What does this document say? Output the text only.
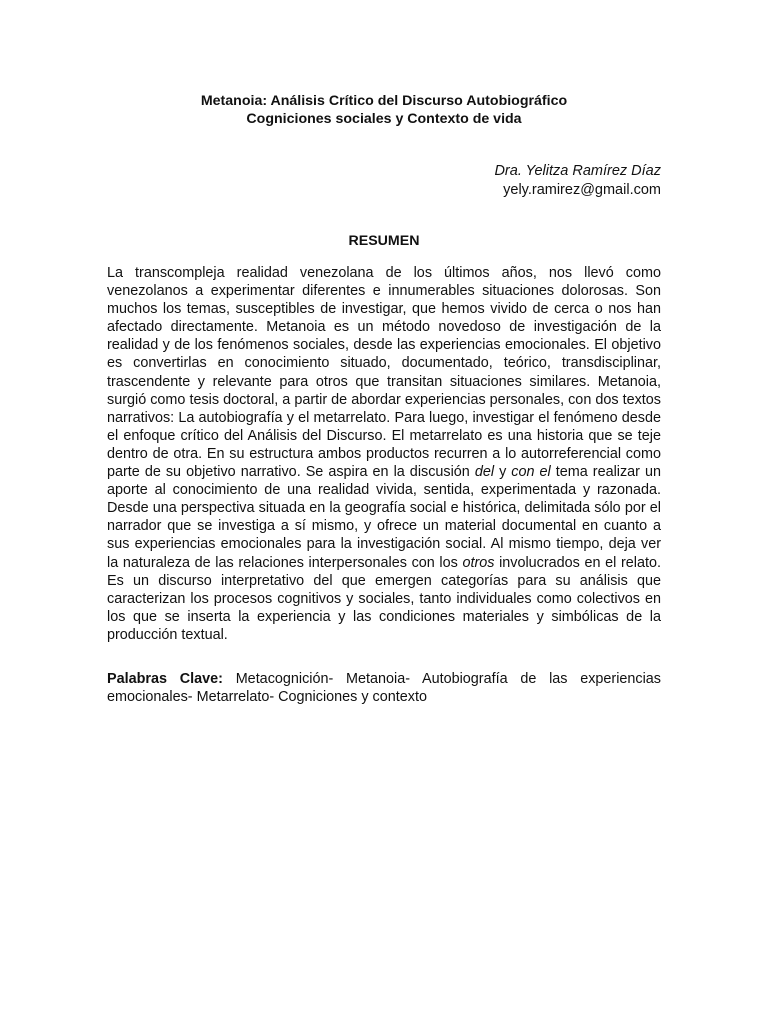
Metanoia: Análisis Crítico del Discurso Autobiográfico
Cogniciones sociales y Contexto de vida
Dra. Yelitza Ramírez Díaz
yely.ramirez@gmail.com
RESUMEN

La transcompleja realidad venezolana de los últimos años, nos llevó como venezolanos a experimentar diferentes e innumerables situaciones dolorosas. Son muchos los temas, susceptibles de investigar, que hemos vivido de cerca o nos han afectado directamente. Metanoia es un método novedoso de investigación de la realidad y de los fenómenos sociales, desde las experiencias emocionales. El objetivo es convertirlas en conocimiento situado, documentado, teórico, transdisciplinar, trascendente y relevante para otros que transitan situaciones similares. Metanoia, surgió como tesis doctoral, a partir de abordar experiencias personales, con dos textos narrativos: La autobiografía y el metarrelato. Para luego, investigar el fenómeno desde el enfoque crítico del Análisis del Discurso. El metarrelato es una historia que se teje dentro de otra. En su estructura ambos productos recurren a lo autorreferencial como parte de su objetivo narrativo. Se aspira en la discusión del y con el tema realizar un aporte al conocimiento de una realidad vivida, sentida, experimentada y razonada. Desde una perspectiva situada en la geografía social e histórica, delimitada sólo por el narrador que se investiga a sí mismo, y ofrece un material documental en cuanto a sus experiencias emocionales para la investigación social. Al mismo tiempo, deja ver la naturaleza de las relaciones interpersonales con los otros involucrados en el relato. Es un discurso interpretativo del que emergen categorías para su análisis que caracterizan los procesos cognitivos y sociales, tanto individuales como colectivos en los que se inserta la experiencia y las condiciones materiales y simbólicas de la producción textual.

Palabras Clave: Metacognición- Metanoia- Autobiografía de las experiencias emocionales- Metarrelato- Cogniciones y contexto
